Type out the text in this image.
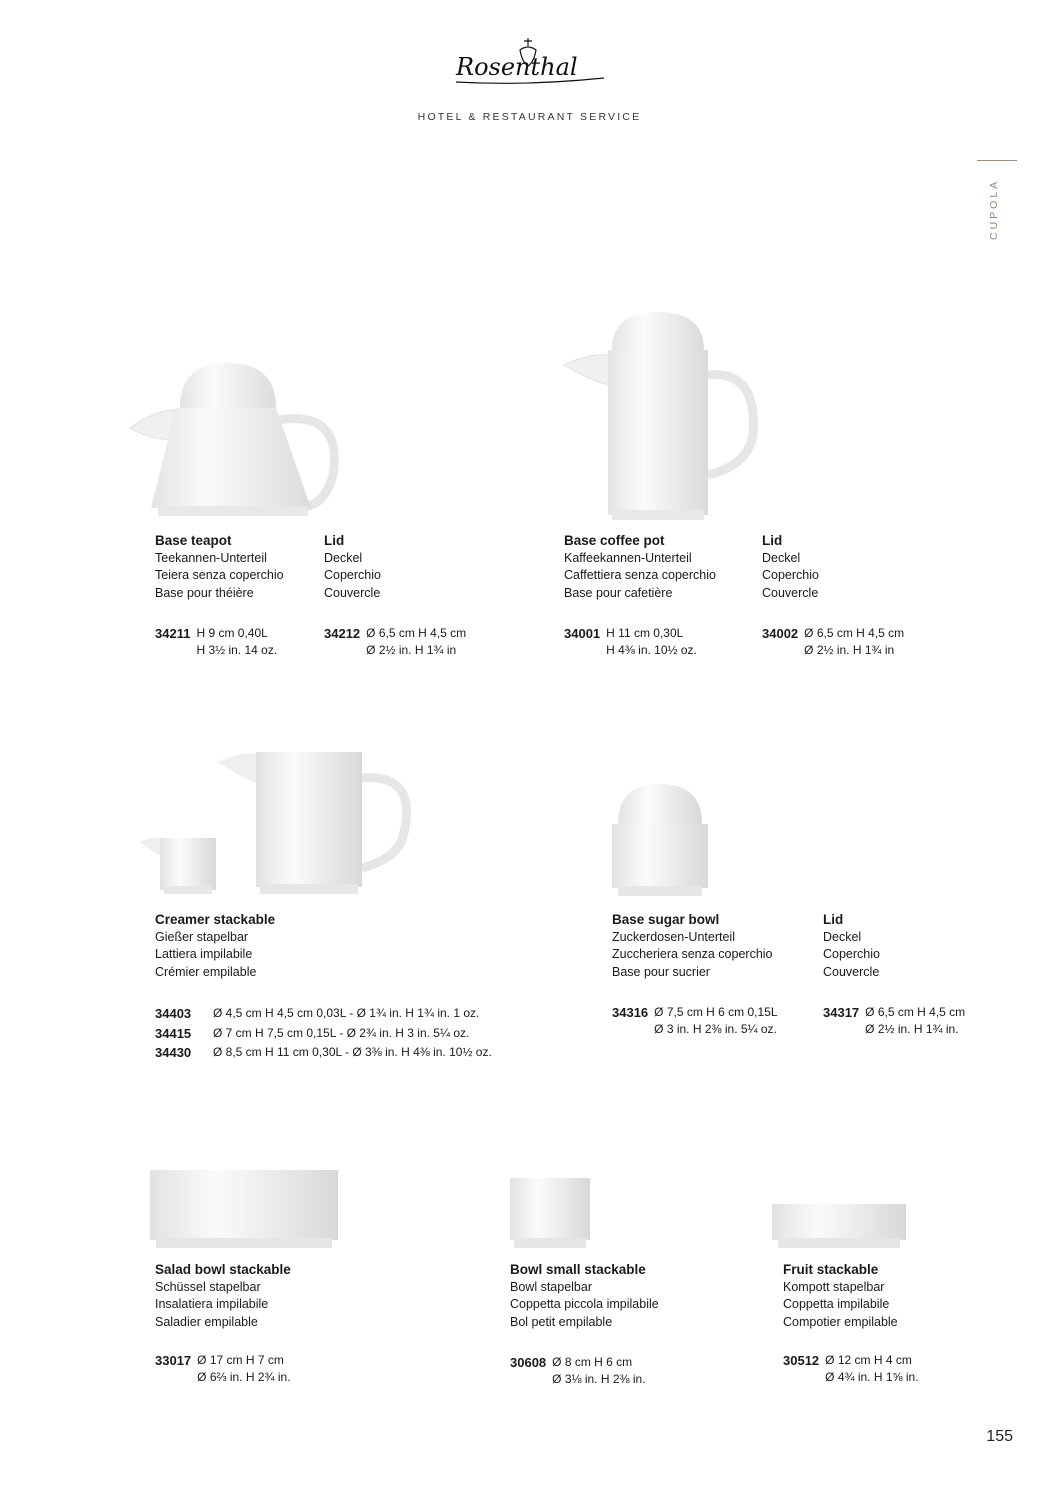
Rosenthal
HOTEL & RESTAURANT SERVICE
CUPOLA
Base teapot
Teekannen-Unterteil
Teiera senza coperchio
Base pour théière
34211 H 9 cm 0,40L
H 3½ in. 14 oz.
Lid
Deckel
Coperchio
Couvercle
34212 Ø 6,5 cm H 4,5 cm
Ø 2½ in. H 1¾ in
Base coffee pot
Kaffeekannen-Unterteil
Caffettiera senza coperchio
Base pour cafetière
34001 H 11 cm 0,30L
H 4⅜ in. 10½ oz.
Lid
Deckel
Coperchio
Couvercle
34002 Ø 6,5 cm H 4,5 cm
Ø 2½ in. H 1¾ in
Creamer stackable
Gießer stapelbar
Lattiera impilabile
Crémier empilable
34403	Ø 4,5 cm H 4,5 cm 0,03L - Ø 1¾ in. H 1¾ in. 1 oz.
34415	Ø 7 cm H 7,5 cm 0,15L - Ø 2¾ in. H 3 in. 5¼ oz.
34430	Ø 8,5 cm H 11 cm 0,30L - Ø 3⅜ in. H 4⅜ in. 10½ oz.
Base sugar bowl
Zuckerdosen-Unterteil
Zuccheriera senza coperchio
Base pour sucrier
34316 Ø 7,5 cm H 6 cm 0,15L
Ø 3 in. H 2⅜ in. 5¼ oz.
Lid
Deckel
Coperchio
Couvercle
34317 Ø 6,5 cm H 4,5 cm
Ø 2½ in. H 1¾ in.
Salad bowl stackable
Schüssel stapelbar
Insalatiera impilabile
Saladier empilable
33017 Ø 17 cm H 7 cm
Ø 6⅔ in. H 2¾ in.
Bowl small stackable
Bowl stapelbar
Coppetta piccola impilabile
Bol petit empilable
30608 Ø 8 cm H 6 cm
Ø 3⅛ in. H 2⅜ in.
Fruit stackable
Kompott stapelbar
Coppetta impilabile
Compotier empilable
30512 Ø 12 cm H 4 cm
Ø 4¾ in. H 1⅝ in.
155
